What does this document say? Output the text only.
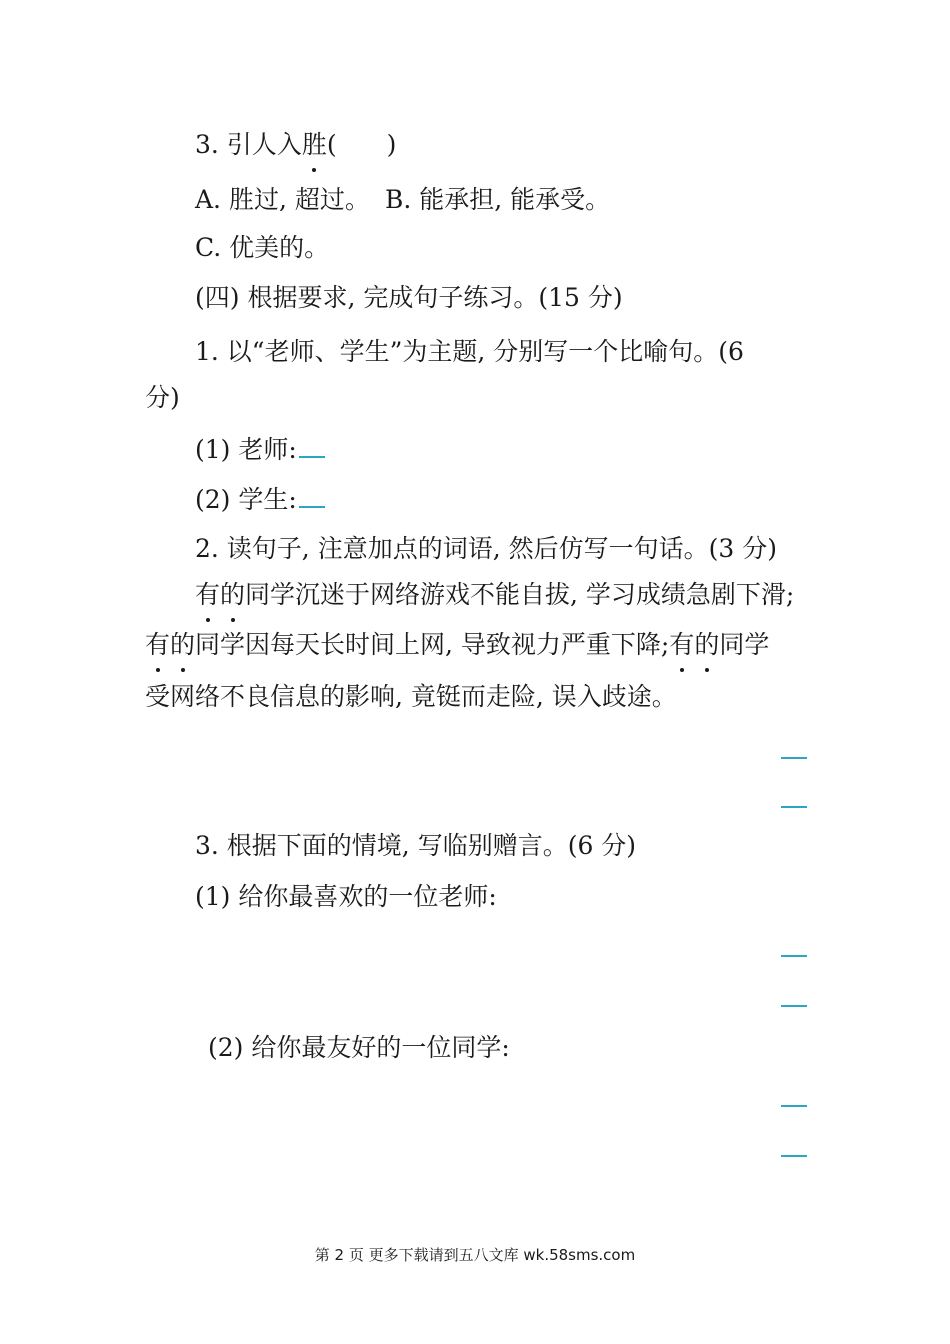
3. 引人入胜(　　)
A. 胜过, 超过。 B. 能承担, 能承受。
C. 优美的。
(四) 根据要求, 完成句子练习。(15 分)
1. 以“老师、学生”为主题, 分别写一个比喻句。(6
分)
(1) 老师:
(2) 学生:
2. 读句子, 注意加点的词语, 然后仿写一句话。(3 分)
有的同学沉迷于网络游戏不能自拔, 学习成绩急剧下滑;
有的同学因每天长时间上网, 导致视力严重下降;有的同学
受网络不良信息的影响, 竟铤而走险, 误入歧途。
3. 根据下面的情境, 写临别赠言。(6 分)
(1) 给你最喜欢的一位老师:
(2) 给你最友好的一位同学:
第 2 页 更多下载请到五八文库 wk.58sms.com
